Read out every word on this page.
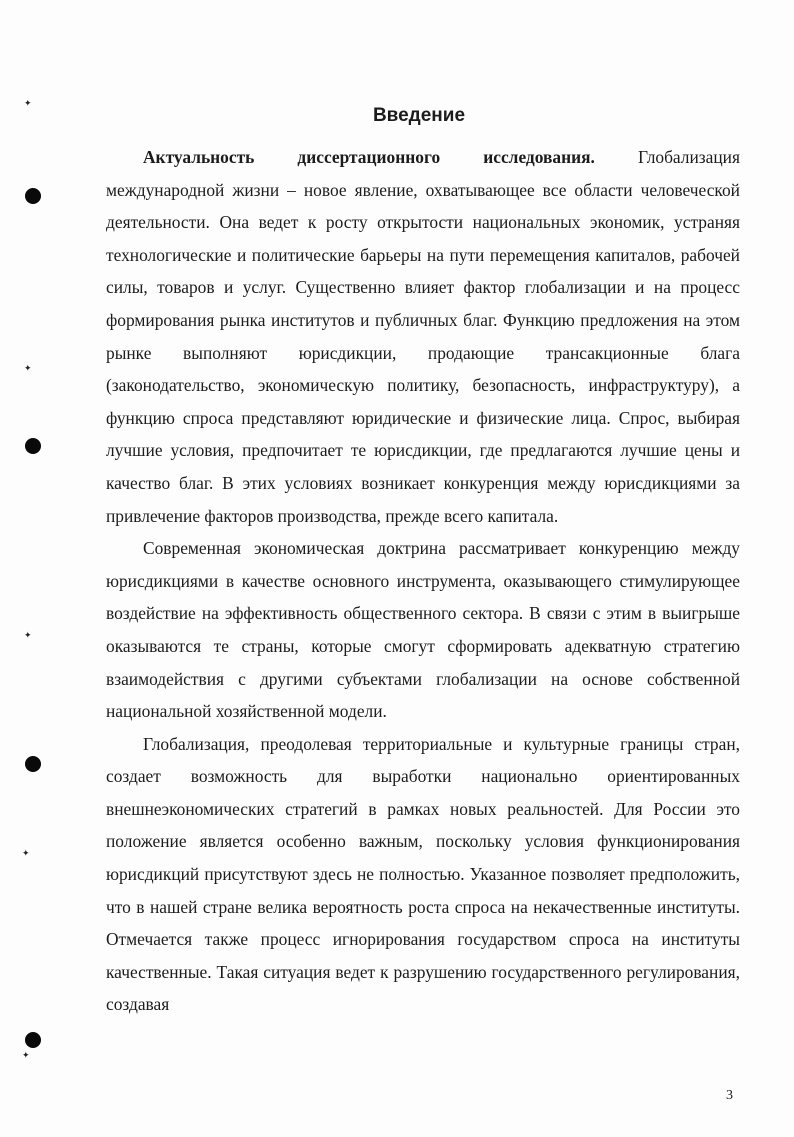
✦
✦
✦
✦
✦
Введение

Актуальность диссертационного исследования. Глобализация международной жизни – новое явление, охватывающее все области человеческой деятельности. Она ведет к росту открытости национальных экономик, устраняя технологические и политические барьеры на пути перемещения капиталов, рабочей силы, товаров и услуг. Существенно влияет фактор глобализации и на процесс формирования рынка институтов и публичных благ. Функцию предложения на этом рынке выполняют юрисдикции, продающие трансакционные блага (законодательство, экономическую политику, безопасность, инфраструктуру), а функцию спроса представляют юридические и физические лица. Спрос, выбирая лучшие условия, предпочитает те юрисдикции, где предлагаются лучшие цены и качество благ. В этих условиях возникает конкуренция между юрисдикциями за привлечение факторов производства, прежде всего капитала.

Современная экономическая доктрина рассматривает конкуренцию между юрисдикциями в качестве основного инструмента, оказывающего стимулирующее воздействие на эффективность общественного сектора. В связи с этим в выигрыше оказываются те страны, которые смогут сформировать адекватную стратегию взаимодействия с другими субъектами глобализации на основе собственной национальной хозяйственной модели.

Глобализация, преодолевая территориальные и культурные границы стран, создает возможность для выработки национально ориентированных внешнеэкономических стратегий в рамках новых реальностей. Для России это положение является особенно важным, поскольку условия функционирования юрисдикций присутствуют здесь не полностью. Указанное позволяет предположить, что в нашей стране велика вероятность роста спроса на некачественные институты. Отмечается также процесс игнорирования государством спроса на институты качественные. Такая ситуация ведет к разрушению государственного регулирования, создавая

3
